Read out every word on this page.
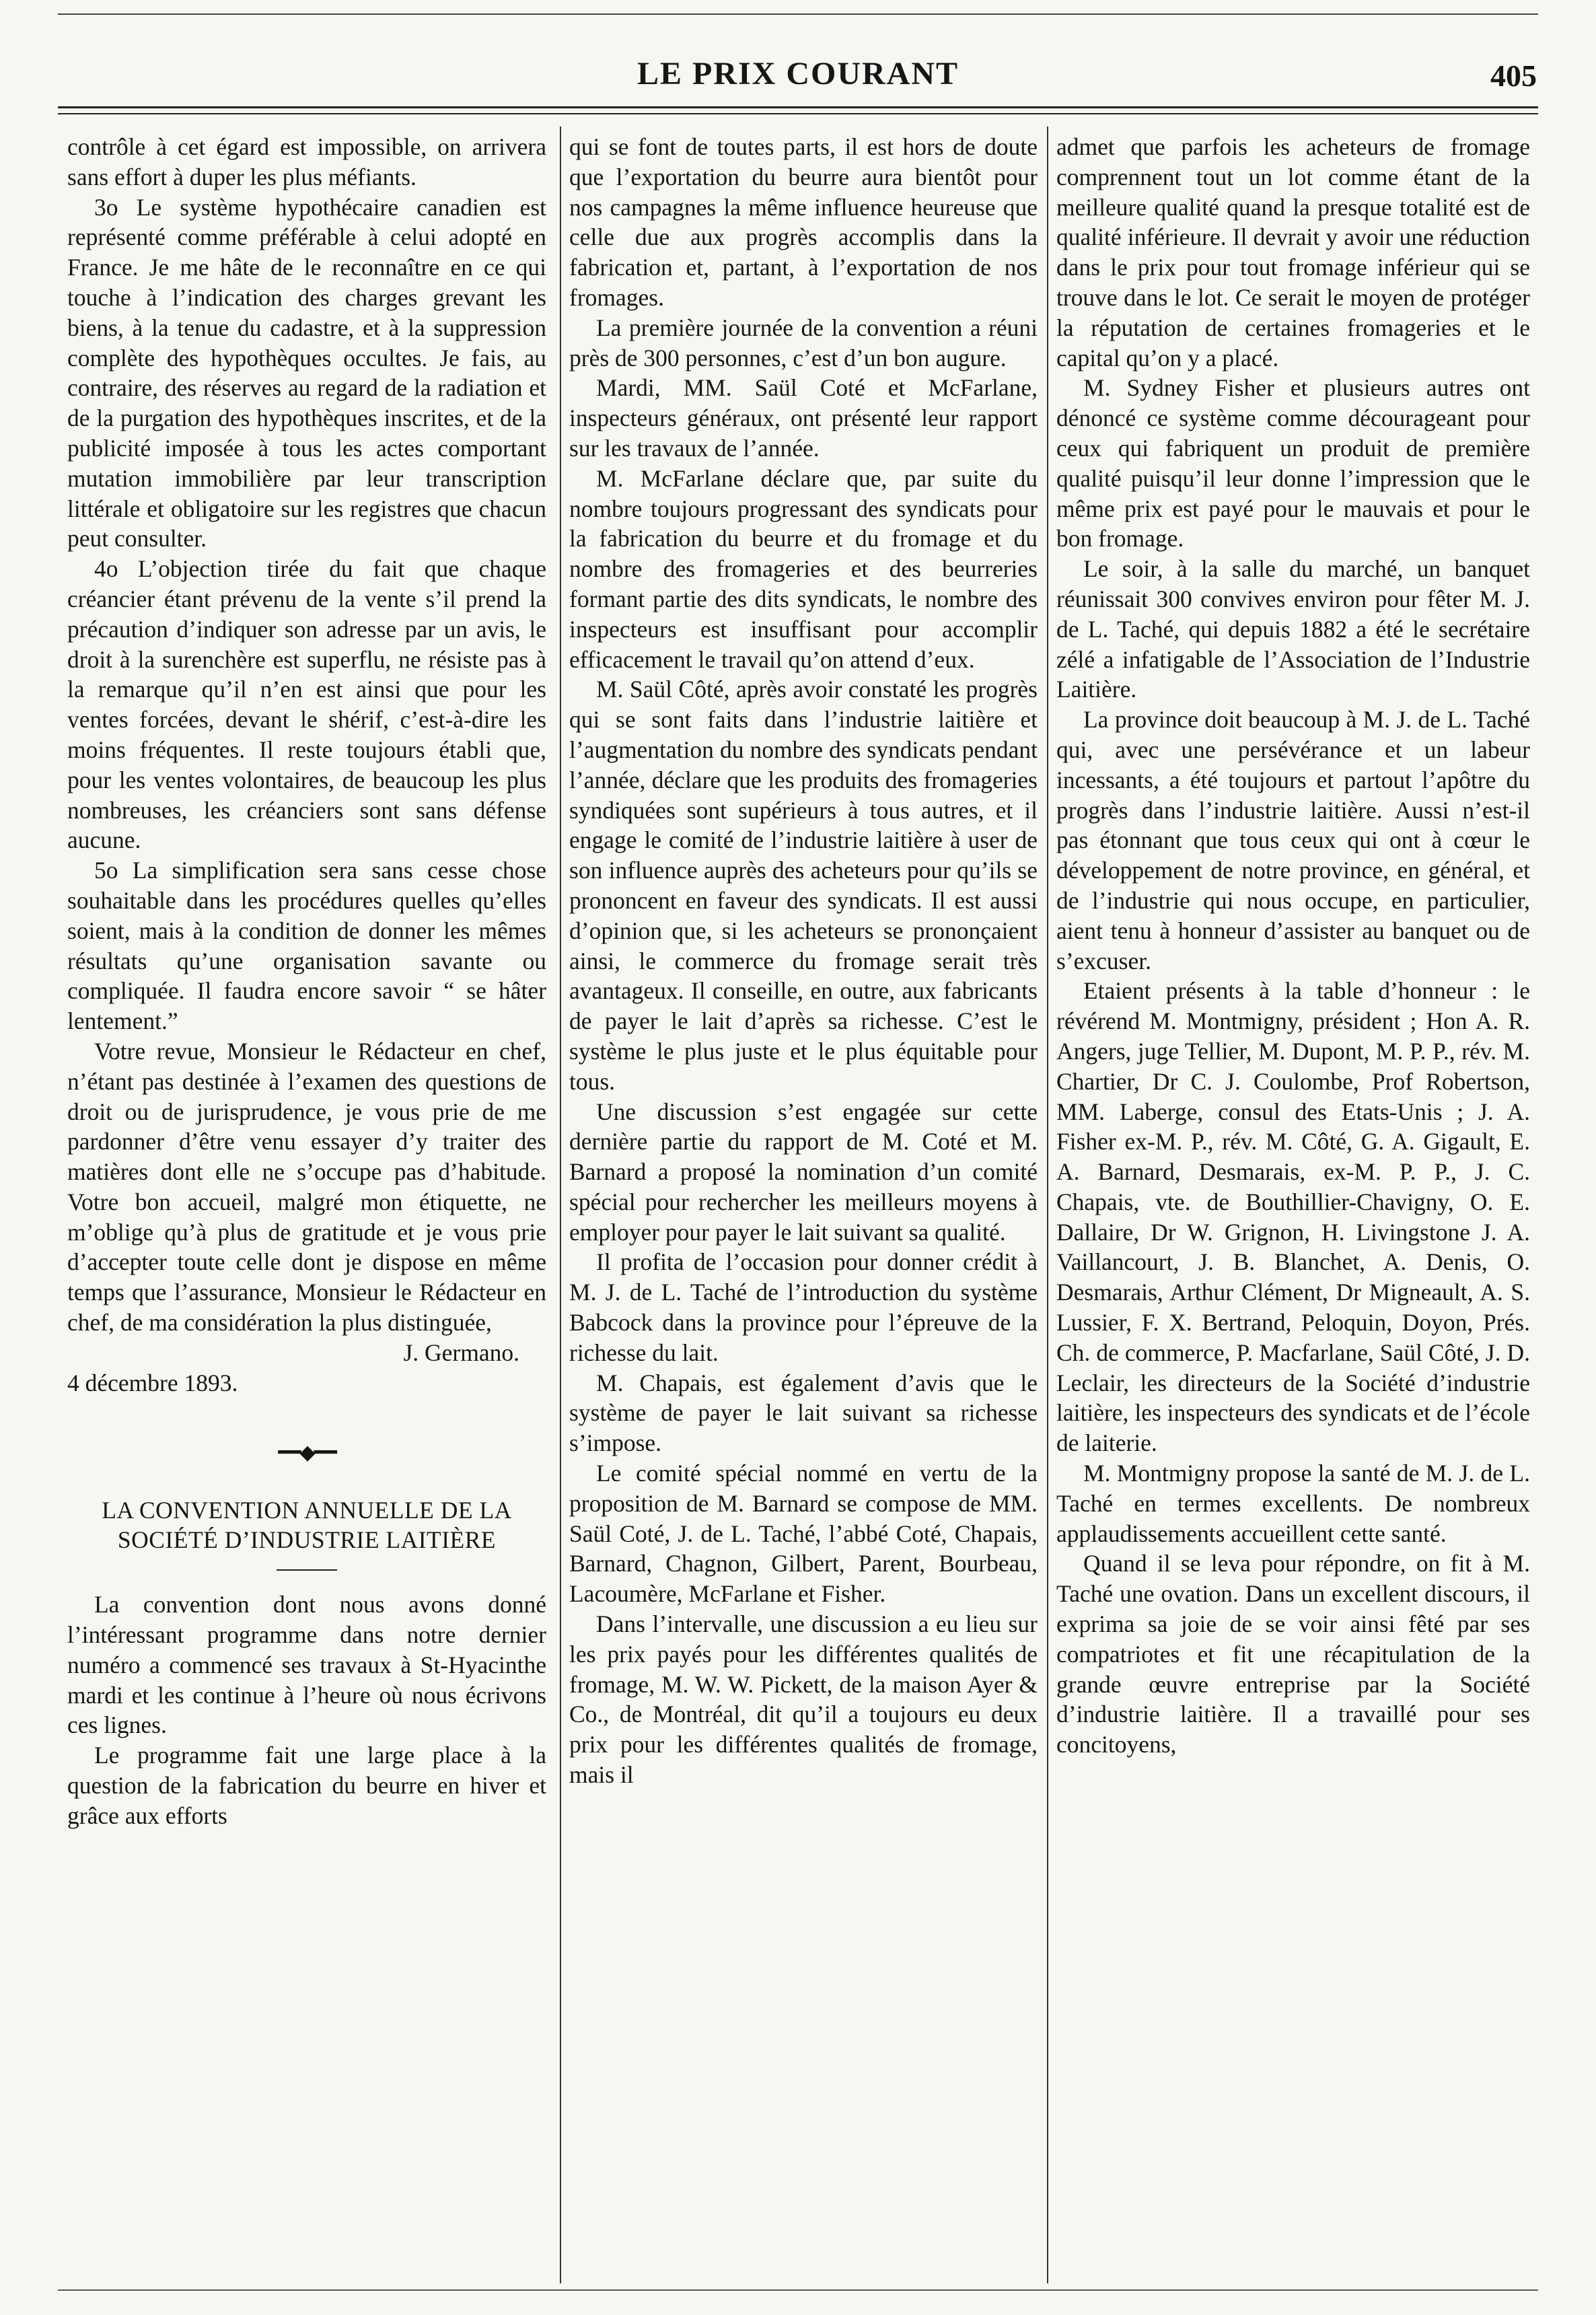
LE PRIX COURANT	405

contrôle à cet égard est impossible, on arrivera sans effort à duper les plus méfiants.

3o Le système hypothécaire canadien est représenté comme préférable à celui adopté en France. Je me hâte de le reconnaître en ce qui touche à l’indication des charges grevant les biens, à la tenue du cadastre, et à la suppression complète des hypothèques occultes. Je fais, au contraire, des réserves au regard de la radiation et de la purgation des hypothèques inscrites, et de la publicité imposée à tous les actes comportant mutation immobilière par leur transcription littérale et obligatoire sur les registres que chacun peut consulter.

4o L’objection tirée du fait que chaque créancier étant prévenu de la vente s’il prend la précaution d’indiquer son adresse par un avis, le droit à la surenchère est superflu, ne résiste pas à la remarque qu’il n’en est ainsi que pour les ventes forcées, devant le shérif, c’est-à-dire les moins fréquentes. Il reste toujours établi que, pour les ventes volontaires, de beaucoup les plus nombreuses, les créanciers sont sans défense aucune.

5o La simplification sera sans cesse chose souhaitable dans les procédures quelles qu’elles soient, mais à la condition de donner les mêmes résultats qu’une organisation savante ou compliquée. Il faudra encore savoir “ se hâter lentement.”

Votre revue, Monsieur le Rédacteur en chef, n’étant pas destinée à l’examen des questions de droit ou de jurisprudence, je vous prie de me pardonner d’être venu essayer d’y traiter des matières dont elle ne s’occupe pas d’habitude. Votre bon accueil, malgré mon étiquette, ne m’oblige qu’à plus de gratitude et je vous prie d’accepter toute celle dont je dispose en même temps que l’assurance, Monsieur le Rédacteur en chef, de ma considération la plus distinguée,

J. Germano.

4 décembre 1893.

━━◆━━
LA CONVENTION ANNUELLE DE LA SOCIÉTÉ D’INDUSTRIE LAITIÈRE

La convention dont nous avons donné l’intéressant programme dans notre dernier numéro a commencé ses travaux à St-Hyacinthe mardi et les continue à l’heure où nous écrivons ces lignes.

Le programme fait une large place à la question de la fabrication du beurre en hiver et grâce aux efforts

qui se font de toutes parts, il est hors de doute que l’exportation du beurre aura bientôt pour nos campagnes la même influence heureuse que celle due aux progrès accomplis dans la fabrication et, partant, à l’exportation de nos fromages.

La première journée de la convention a réuni près de 300 personnes, c’est d’un bon augure.

Mardi, MM. Saül Coté et McFarlane, inspecteurs généraux, ont présenté leur rapport sur les travaux de l’année.

M. McFarlane déclare que, par suite du nombre toujours progressant des syndicats pour la fabrication du beurre et du fromage et du nombre des fromageries et des beurreries formant partie des dits syndicats, le nombre des inspecteurs est insuffisant pour accomplir efficacement le travail qu’on attend d’eux.

M. Saül Côté, après avoir constaté les progrès qui se sont faits dans l’industrie laitière et l’augmentation du nombre des syndicats pendant l’année, déclare que les produits des fromageries syndiquées sont supérieurs à tous autres, et il engage le comité de l’industrie laitière à user de son influence auprès des acheteurs pour qu’ils se prononcent en faveur des syndicats. Il est aussi d’opinion que, si les acheteurs se prononçaient ainsi, le commerce du fromage serait très avantageux. Il conseille, en outre, aux fabricants de payer le lait d’après sa richesse. C’est le système le plus juste et le plus équitable pour tous.

Une discussion s’est engagée sur cette dernière partie du rapport de M. Coté et M. Barnard a proposé la nomination d’un comité spécial pour rechercher les meilleurs moyens à employer pour payer le lait suivant sa qualité.

Il profita de l’occasion pour donner crédit à M. J. de L. Taché de l’introduction du système Babcock dans la province pour l’épreuve de la richesse du lait.

M. Chapais, est également d’avis que le système de payer le lait suivant sa richesse s’impose.

Le comité spécial nommé en vertu de la proposition de M. Barnard se compose de MM. Saül Coté, J. de L. Taché, l’abbé Coté, Chapais, Barnard, Chagnon, Gilbert, Parent, Bourbeau, Lacoumère, McFarlane et Fisher.

Dans l’intervalle, une discussion a eu lieu sur les prix payés pour les différentes qualités de fromage, M. W. W. Pickett, de la maison Ayer & Co., de Montréal, dit qu’il a toujours eu deux prix pour les différentes qualités de fromage, mais il

admet que parfois les acheteurs de fromage comprennent tout un lot comme étant de la meilleure qualité quand la presque totalité est de qualité inférieure. Il devrait y avoir une réduction dans le prix pour tout fromage inférieur qui se trouve dans le lot. Ce serait le moyen de protéger la réputation de certaines fromageries et le capital qu’on y a placé.

M. Sydney Fisher et plusieurs autres ont dénoncé ce système comme décourageant pour ceux qui fabriquent un produit de première qualité puisqu’il leur donne l’impression que le même prix est payé pour le mauvais et pour le bon fromage.

Le soir, à la salle du marché, un banquet réunissait 300 convives environ pour fêter M. J. de L. Taché, qui depuis 1882 a été le secrétaire zélé a infatigable de l’Association de l’Industrie Laitière.

La province doit beaucoup à M. J. de L. Taché qui, avec une persévérance et un labeur incessants, a été toujours et partout l’apôtre du progrès dans l’industrie laitière. Aussi n’est-il pas étonnant que tous ceux qui ont à cœur le développement de notre province, en général, et de l’industrie qui nous occupe, en particulier, aient tenu à honneur d’assister au banquet ou de s’excuser.

Etaient présents à la table d’honneur : le révérend M. Montmigny, président ; Hon A. R. Angers, juge Tellier, M. Dupont, M. P. P., rév. M. Chartier, Dr C. J. Coulombe, Prof Robertson, MM. Laberge, consul des Etats-Unis ; J. A. Fisher ex-M. P., rév. M. Côté, G. A. Gigault, E. A. Barnard, Desmarais, ex-M. P. P., J. C. Chapais, vte. de Bouthillier-Chavigny, O. E. Dallaire, Dr W. Grignon, H. Livingstone J. A. Vaillancourt, J. B. Blanchet, A. Denis, O. Desmarais, Arthur Clément, Dr Migneault, A. S. Lussier, F. X. Bertrand, Peloquin, Doyon, Prés. Ch. de commerce, P. Macfarlane, Saül Côté, J. D. Leclair, les directeurs de la Société d’industrie laitière, les inspecteurs des syndicats et de l’école de laiterie.

M. Montmigny propose la santé de M. J. de L. Taché en termes excellents. De nombreux applaudissements accueillent cette santé.

Quand il se leva pour répondre, on fit à M. Taché une ovation. Dans un excellent discours, il exprima sa joie de se voir ainsi fêté par ses compatriotes et fit une récapitulation de la grande œuvre entreprise par la Société d’industrie laitière. Il a travaillé pour ses concitoyens,
